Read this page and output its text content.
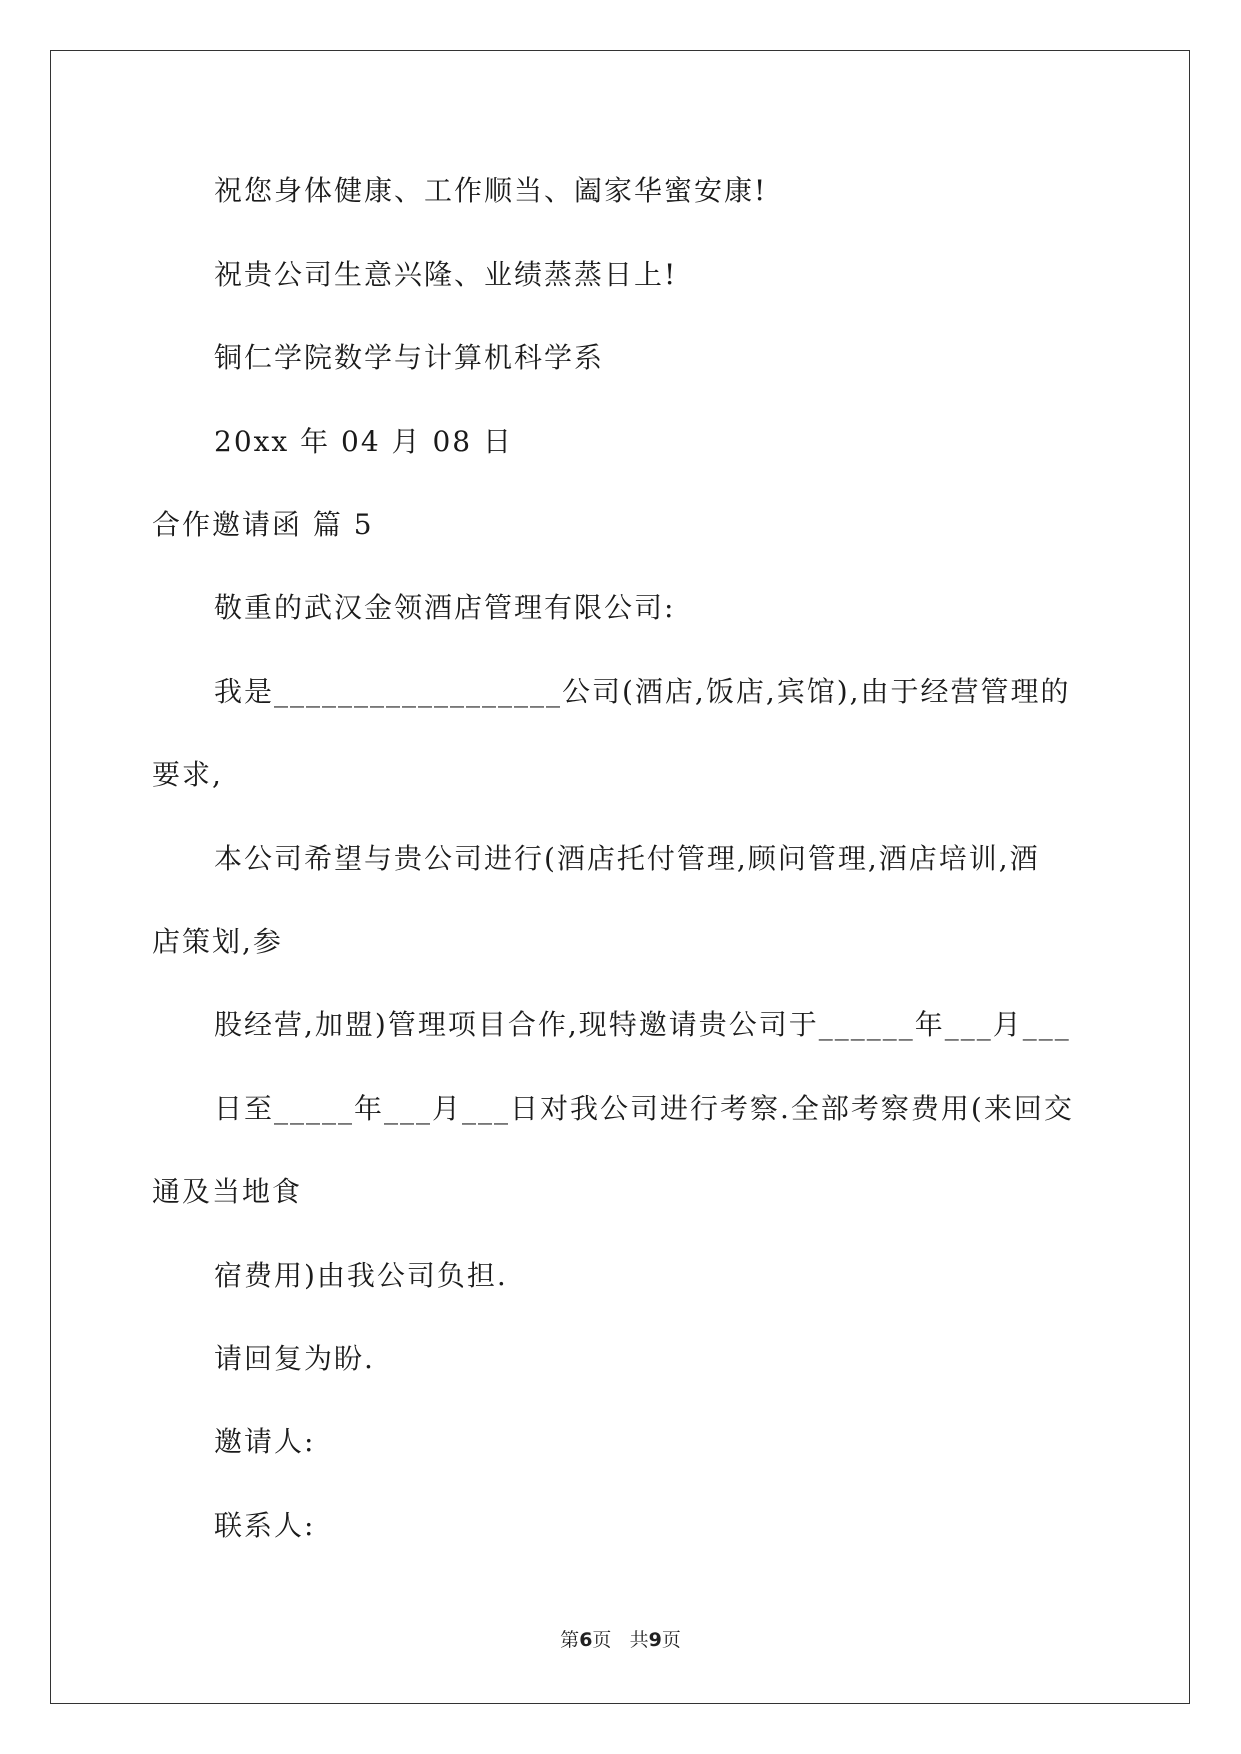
祝您身体健康、工作顺当、阖家华蜜安康!
祝贵公司生意兴隆、业绩蒸蒸日上!
铜仁学院数学与计算机科学系
20xx 年 04 月 08 日
合作邀请函 篇 5
敬重的武汉金领酒店管理有限公司:
我是__________________公司(酒店,饭店,宾馆),由于经营管理的
要求,
本公司希望与贵公司进行(酒店托付管理,顾问管理,酒店培训,酒
店策划,参
股经营,加盟)管理项目合作,现特邀请贵公司于______年___月___
日至_____年___月___日对我公司进行考察.全部考察费用(来回交
通及当地食
宿费用)由我公司负担.
请回复为盼.
邀请人:
联系人:
第6页 共9页
